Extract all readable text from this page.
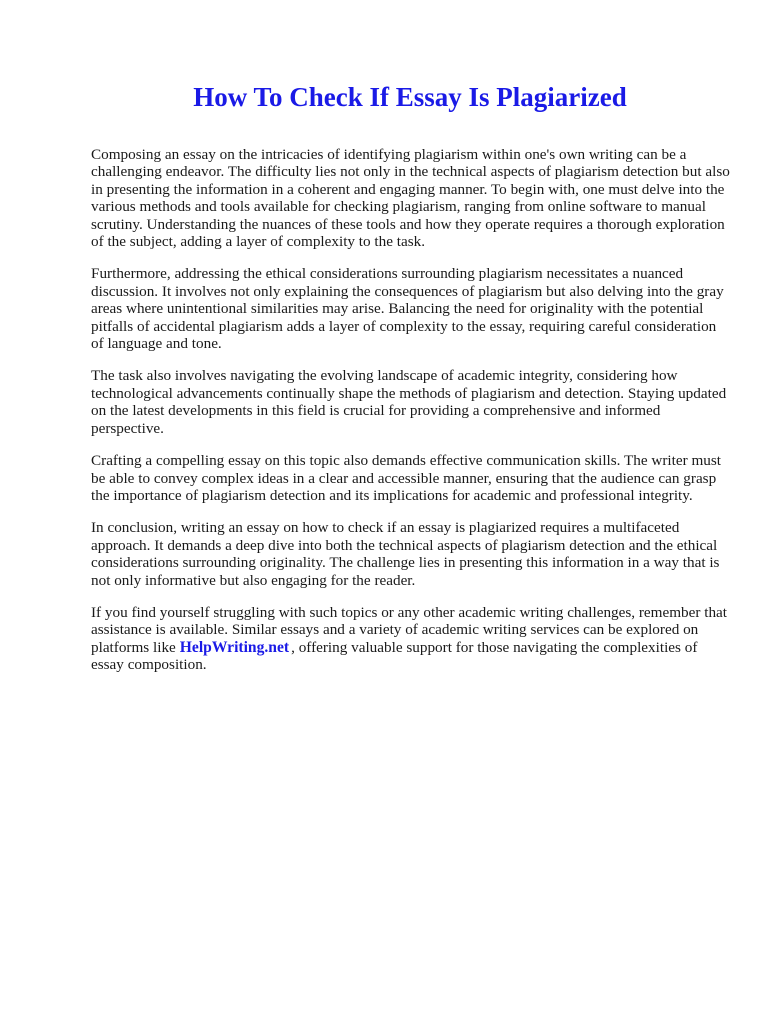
How To Check If Essay Is Plagiarized

Composing an essay on the intricacies of identifying plagiarism within one's own writing can be a challenging endeavor. The difficulty lies not only in the technical aspects of plagiarism detection but also in presenting the information in a coherent and engaging manner. To begin with, one must delve into the various methods and tools available for checking plagiarism, ranging from online software to manual scrutiny. Understanding the nuances of these tools and how they operate requires a thorough exploration of the subject, adding a layer of complexity to the task.

Furthermore, addressing the ethical considerations surrounding plagiarism necessitates a nuanced discussion. It involves not only explaining the consequences of plagiarism but also delving into the gray areas where unintentional similarities may arise. Balancing the need for originality with the potential pitfalls of accidental plagiarism adds a layer of complexity to the essay, requiring careful consideration of language and tone.

The task also involves navigating the evolving landscape of academic integrity, considering how technological advancements continually shape the methods of plagiarism and detection. Staying updated on the latest developments in this field is crucial for providing a comprehensive and informed perspective.

Crafting a compelling essay on this topic also demands effective communication skills. The writer must be able to convey complex ideas in a clear and accessible manner, ensuring that the audience can grasp the importance of plagiarism detection and its implications for academic and professional integrity.

In conclusion, writing an essay on how to check if an essay is plagiarized requires a multifaceted approach. It demands a deep dive into both the technical aspects of plagiarism detection and the ethical considerations surrounding originality. The challenge lies in presenting this information in a way that is not only informative but also engaging for the reader.

If you find yourself struggling with such topics or any other academic writing challenges, remember that assistance is available. Similar essays and a variety of academic writing services can be explored on platforms like HelpWriting.net , offering valuable support for those navigating the complexities of essay composition.
